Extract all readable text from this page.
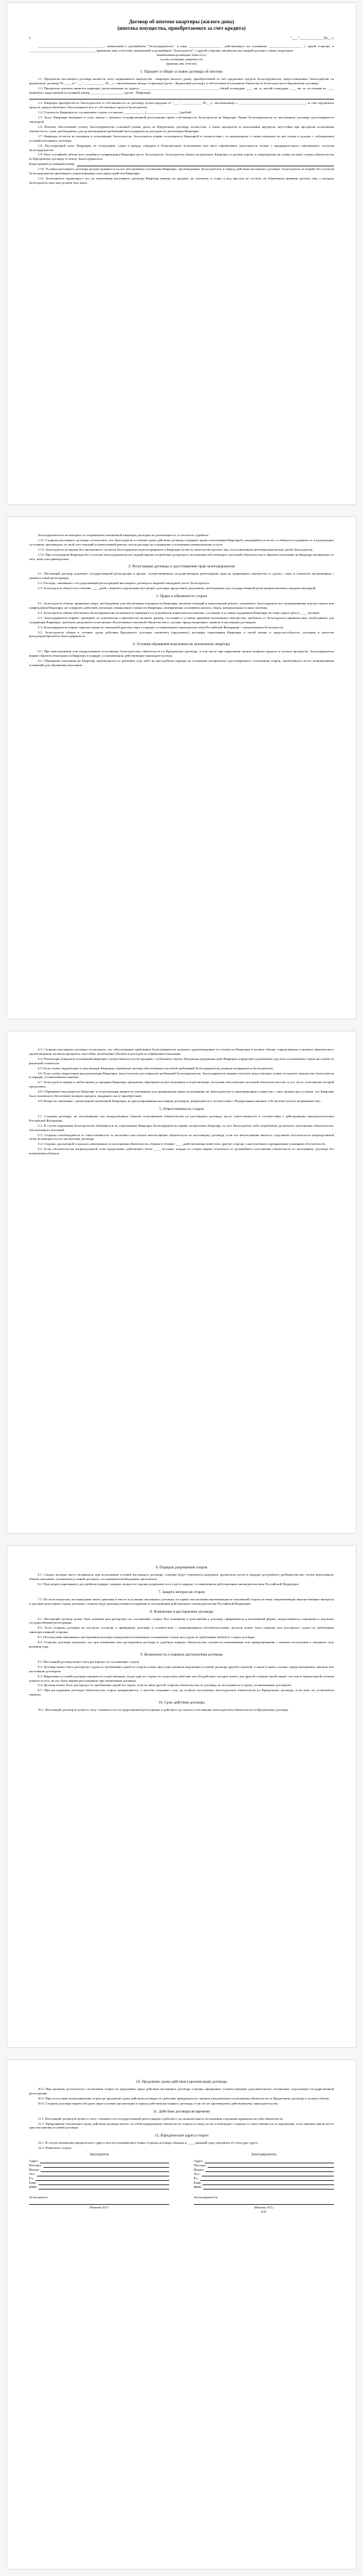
Договор об ипотеке квартиры (жилого дома)

(ипотека имущества, приобретаемого за счет кредита)

г.	"___" ____________ 20__ г.

________________________________________, именуемый в дальнейшем "Залогодержатель", в лице ____________________, действующего на основании ____________________, с одной стороны, и ________________________________________ (фамилия, имя, отчество), именуемый в дальнейшем "Залогодатель", с другой стороны, заключили настоящий договор о нижеследующем:

(наименование организации, банка и т.п.)

(устава, положения, доверенности)

(фамилия, имя, отчество)

1. Предмет и общие условия договора об ипотеке

1.1. Предметом настоящего договора является залог недвижимого имущества - квартиры (жилого дома), приобретаемой за счет кредитных средств Залогодержателя, предоставленных Залогодателю по кредитному договору № ____ от "___" ____________ 20__ г., заключенному между сторонами (далее - Кредитный договор), в обеспечение исполнения обязательств Залогодателя по Кредитному договору.

1.2. Предметом ипотеки является квартира, расположенная по адресу: ______________________________________________, общей площадью ____ кв. м, жилой площадью ____ кв. м, состоящая из ____ комнат(ы), кадастровый (условный) номер ____________________ (далее - Квартира).

1.3. Квартира приобретается Залогодателем в собственность по договору купли-продажи от "___" ____________ 20__ г., заключенному с ________________________________________, за счет кредитных средств, предоставленных Залогодержателем, и собственных средств Залогодателя.

1.4. Стоимость Квартиры по соглашению сторон составляет ____________ (____________________) рублей.

1.5. Залог Квартиры возникает в силу закона с момента государственной регистрации права собственности Залогодателя на Квартиру. Права Залогодержателя по настоящему договору удостоверяются закладной.

1.6. Ипотека обеспечивает уплату Залогодержателю основной суммы долга по Кредитному договору полностью, а также процентов за пользование кредитом, неустойки при просрочке исполнения обязательств, сумм, необходимых для удовлетворения требований Залогодержателя, расходов по реализации Квартиры.

1.7. Квартира остается во владении и пользовании Залогодателя. Залогодатель вправе пользоваться Квартирой в соответствии с ее назначением, а также извлекать из нее плоды и доходы с соблюдением условий настоящего договора.

1.8. Последующий залог Квартиры, ее отчуждение, сдача в аренду, передача в безвозмездное пользование или иное обременение допускаются только с предварительного письменного согласия Залогодержателя.

1.9. Риск случайной гибели или случайного повреждения Квартиры несет Залогодатель. Залогодатель обязан застраховать Квартиру от рисков утраты и повреждения на сумму не ниже суммы обязательства по Кредитному договору в пользу Залогодержателя.

Кадастровый (условный) номер:

1.10. Условия настоящего договора распространяются на все неотделимые улучшения Квартиры, произведенные Залогодателем в период действия настоящего договора. Залогодатель не вправе без согласия Залогодержателя производить перепланировку или переустройство Квартиры.

1.11. Залогодатель гарантирует, что до заключения настоящего договора Квартира никому не продана, не заложена, в споре и под арестом не состоит, не обременена правами третьих лиц, о которых Залогодатель знал или должен был знать.

Залогодержателем на контроль за сохранением заложенной квартиры, расходов по реализации ее, в том числе судебных.

1.12. Стороны настоящего договора согласились, что Залогодатель в течение срока действия договора сохраняет право пользования Квартирой, находящейся в залоге, и обязуется содержать ее в надлежащем состоянии, производить за свой счет текущий и капитальный ремонт, нести расходы на содержание и оплачивать коммунальные услуги.

1.13. Залогодатель не вправе без письменного согласия Залогодержателя регистрировать в Квартире по месту жительства третьих лиц, за исключением несовершеннолетних детей Залогодателя.

1.14. При отчуждении Квартиры без согласия Залогодержателя последний вправе потребовать досрочного исполнения обеспеченного ипотекой обязательства и обратить взыскание на Квартиру независимо от того, кому она принадлежит.

2. Регистрация договора и удостоверение прав залогодержателя

2.1. Настоящий договор подлежит государственной регистрации в органе, осуществляющем государственную регистрацию прав на недвижимое имущество и сделок с ним, и считается заключенным с момента такой регистрации.

2.2. Расходы, связанные с государственной регистрацией настоящего договора и выдачей закладной, несет Залогодатель.

2.3. Залогодатель обязуется в течение ____ дней с момента подписания настоящего договора представить документы, необходимые для государственной регистрации ипотеки и выдачи закладной.

3. Права и обязанности сторон

3.1. Залогодатель обязан: принимать меры, необходимые для обеспечения сохранности Квартиры, включая текущий и капитальный ремонт; уведомлять Залогодержателя о возникновении угрозы утраты или повреждения Квартиры; не совершать действий, влекущих уменьшение стоимости Квартиры; своевременно уплачивать налоги, сборы, коммунальные и иные платежи.

3.2. Залогодатель обязан обеспечить Залогодержателю возможность проверять по документам и фактически наличие, состояние и условия содержания Квартиры не чаще одного раза в ____ месяцев.

3.3. Залогодержатель вправе: проверять по документам и фактически наличие, размер, состояние и условия хранения заложенного имущества; требовать от Залогодателя принятия мер, необходимых для сохранения Квартиры; требовать досрочного исполнения обеспеченного ипотекой обязательства в случаях, предусмотренных законом и настоящим договором.

3.4. Залогодержатель вправе передать права по закладной другому лицу в порядке, установленном законодательством Российской Федерации, с уведомлением Залогодателя.

3.5. Залогодатель обязан в течение срока действия Кредитного договора заключать (продлевать) договоры страхования Квартиры и своей жизни и трудоспособности, указывая в качестве выгодоприобретателя Залогодержателя.

4. Условия обращения взыскания на заложенную квартиру

4.1. При неисполнении или ненадлежащем исполнении Залогодателем обязательств по Кредитному договору, в том числе при нарушении сроков возврата кредита и уплаты процентов, Залогодержатель вправе обратить взыскание на Квартиру в порядке, установленном действующим законодательством.

4.2. Обращение взыскания на Квартиру производится по решению суда либо во внесудебном порядке на основании нотариально удостоверенного соглашения сторон, заключенного после возникновения оснований для обращения взыскания.

4.3. Стороны настоящего договора согласились, что обеспеченные требования Залогодержателя подлежат удовлетворению из стоимости Квартиры в полном объеме, определяемом к моменту фактического удовлетворения, включая проценты, неустойку, возмещение убытков и расходов по обращению взыскания.

4.4. Реализация (продажа) заложенной квартиры осуществляется путем продажи с публичных торгов. Начальная продажная цена Квартиры определяется решением суда или соглашением сторон на основе ее рыночной стоимости.

4.5. Если сумма, вырученная от реализации Квартиры, превышает размер обеспеченных ипотекой требований Залогодержателя, разница возвращается Залогодателю.

4.6. Если сумма, вырученная при реализации Квартиры, недостаточна для покрытия требований Залогодержателя, Залогодержатель вправе получить недостающую сумму из прочего имущества Залогодателя в порядке, установленном законом.

4.7. Залогодатель вправе в любое время до продажи Квартиры прекратить обращение на нее взыскания и ее реализацию, исполнив обеспеченное ипотекой обязательство или ту его часть, исполнение которой просрочено.

4.8. Обращение взыскания на Квартиру и ее реализация являются основанием для прекращения права пользования ею Залогодателем и проживающими совместно с ним лицами при условии, что Квартира была заложена в обеспечение возврата кредита, выданного на ее приобретение.

4.9. Вопросы, связанные с реализацией заложенной Квартиры, не урегулированные настоящим договором, разрешаются в соответствии с Федеральным законом «Об ипотеке (залоге недвижимости)».

5. Ответственность сторон

5.1. Стороны договора, не исполнившие или ненадлежащим образом исполнившие обязательства по настоящему договору, несут ответственность в соответствии с действующим законодательством Российской Федерации.

5.2. В случае нарушения Залогодателем обязанности по страхованию Квартиры Залогодержатель вправе застраховать Квартиру за счет Залогодателя либо потребовать досрочного исполнения обязательства, обеспеченного ипотекой.

5.3. Стороны освобождаются от ответственности за частичное или полное неисполнение обязательств по настоящему договору, если это неисполнение явилось следствием обстоятельств непреодолимой силы, возникших после заключения договора.

5.4. Сторона, для которой создалась невозможность исполнения обязательств, обязана в течение ____ дней письменно известить другую сторону о наступлении и прекращении указанных обстоятельств.

5.5. Если обстоятельства непреодолимой силы продолжают действовать более ____ месяцев, каждая из сторон вправе отказаться от дальнейшего исполнения обязательств по настоящему договору без возмещения убытков.

6. Порядок разрешения споров

6.1. Споры, которые могут возникнуть при исполнении условий настоящего договора, стороны будут стремиться разрешать дружеским путем в порядке досудебного разбирательства: путем переговоров, обмена письмами, уточнением условий договора, составлением необходимых протоколов.

6.2. При неурегулировании в досудебном порядке спорных вопросов стороны разрешают их в суде в порядке, установленном действующим законодательством Российской Федерации.

7. Защита интересов сторон

7.1. По всем вопросам, не нашедшим своего решения в тексте и условиях настоящего договора, но прямо или косвенно вытекающим из отношений сторон по нему, затрагивающих имущественные интересы и деловую репутацию сторон договора, стороны будут руководствоваться нормами и положениями действующего законодательства Российской Федерации.

8. Изменение и расторжение договора

8.1. Настоящий договор может быть изменен или расторгнут по соглашению сторон. Все изменения и дополнения к договору оформляются в письменной форме, подписываются сторонами и подлежат государственной регистрации.

8.2. Если стороны договора не достигли согласия о приведении договора в соответствие с изменившимися обстоятельствами, договор может быть изменен или расторгнут судом по требованию заинтересованной стороны.

8.3. Последствия изменения и расторжения договора определяются взаимным соглашением сторон или судом по требованию любой из сторон договора.

8.4. Стороны договора признают, что при изменении или расторжении договора в судебном порядке обязательства считаются измененными или прекращенными с момента вступления в законную силу решения суда.

9. Возможность и порядок расторжения договора

9.1. Настоящий договор может быть расторгнут по соглашению сторон.

9.2. Договор может быть расторгнут судом по требованию одной из сторон только при существенном нарушении условий договора другой стороной, а также в иных случаях, предусмотренных законом или настоящим договором.

9.3. Нарушение условий договора признается существенным, когда одна из сторон его допустила действие или бездействие, которое влечет для другой стороны такой ущерб, что она в значительной степени лишается того, на что была вправе рассчитывать при заключении договора.

9.4. Договор может быть расторгнут по требованию одной из сторон, если по вине другой стороны обязательства по договору не исполняются в сроки, установленные договором.

9.5. При расторжении договора обязательства сторон прекращаются, а ипотека сохраняет силу до полного исполнения Залогодателем обязательств по Кредитному договору, если иное не установлено законом.

10. Срок действия договора

10.1. Настоящий договор вступает в силу с момента его государственной регистрации и действует до полного исполнения Залогодателем обязательств по Кредитному договору.

10. Продление срока действия (пролонгация) договора

10.2. При наличии достигнутого соглашения сторон по продлению срока действия настоящего договора стороны оформляют соответствующее дополнительное соглашение, подлежащее государственной регистрации.

10.3. При отсутствии волеизъявления сторон на продление срока действия договора его действие прекращается с момента надлежащего исполнения обязательств по Кредитному договору в полном объеме.

10.4. Стороны договора вправе обсудить иные условия пролонгации в период действия настоящего договора, если это не противоречит действующему законодательству.

11. Действие договора во времени

11.1. Настоящий договор вступает в силу с момента его государственной регистрации и действует до окончательного исполнения сторонами принятых на себя обязательств.

11.2. Прекращение (окончание) срока действия договора влечет за собой прекращение обязательств сторон по нему, но не освобождает стороны от ответственности за нарушения, если таковые имели место при исполнении условий договора.

12. Юридические адреса сторон

12.1. В случае изменения юридического адреса или обслуживающего банка стороны договора обязаны в ____ дневный срок уведомить об этом друг друга.

12.2. Реквизиты сторон:

Залогодатель
Адрес:
Паспорт:
Выдан:
Тел.:
Р/с:
Банк:
ИНН:
Залогодержатель
Адрес:
Паспорт:
Выдан:
Тел.:
Р/с:
Банк:
ИНН:
Залогодатель
(Фамилия, И.О.)
Залогодержатель
(Фамилия, И.О.)
М.П.
